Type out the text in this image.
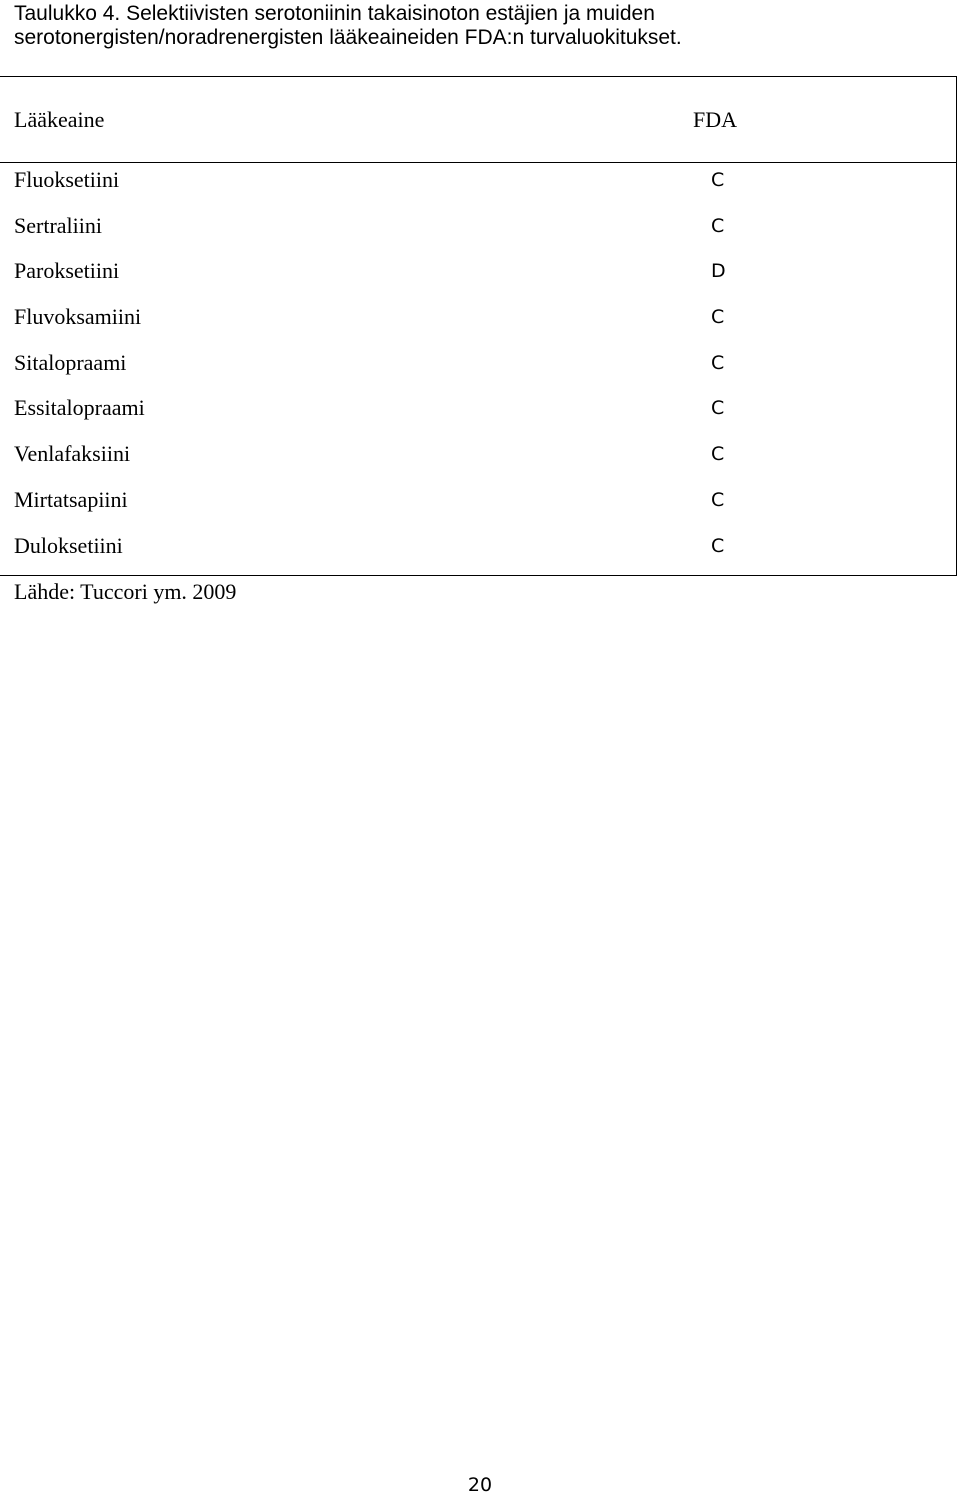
Taulukko 4. Selektiivisten serotoniinin takaisinoton estäjien ja muiden
serotonergisten/noradrenergisten lääkeaineiden FDA:n turvaluokitukset.
Lääkeaine	FDA
Fluoksetiini	C
Sertraliini	C
Paroksetiini	D
Fluvoksamiini	C
Sitalopraami	C
Essitalopraami	C
Venlafaksiini	C
Mirtatsapiini	C
Duloksetiini	C
Lähde: Tuccori ym. 2009
20
